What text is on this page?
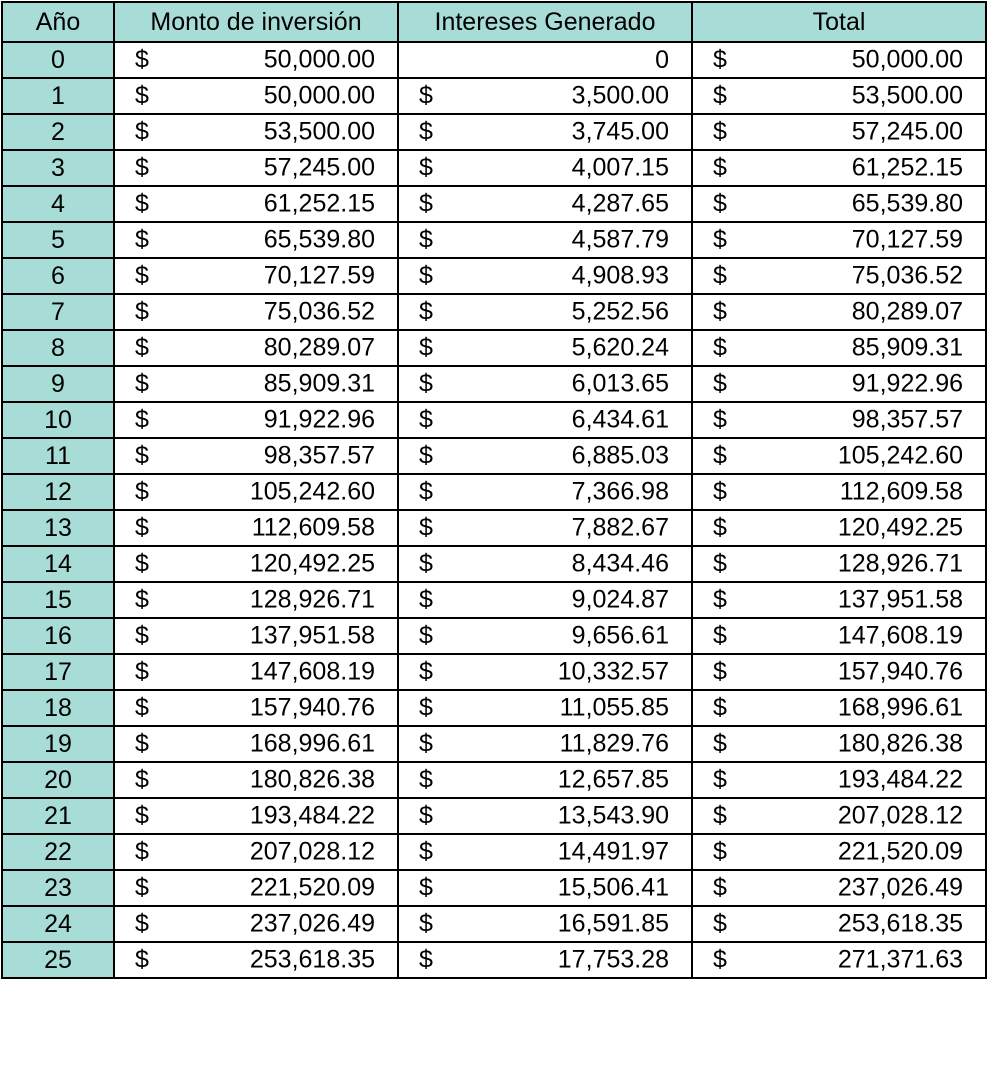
Año	Monto de inversión	Intereses Generado	Total
0	$ 50,000.00	0	$ 50,000.00

1	$ 50,000.00	$ 3,500.00	$ 53,500.00

2	$ 53,500.00	$ 3,745.00	$ 57,245.00

3	$ 57,245.00	$ 4,007.15	$ 61,252.15

4	$ 61,252.15	$ 4,287.65	$ 65,539.80

5	$ 65,539.80	$ 4,587.79	$ 70,127.59

6	$ 70,127.59	$ 4,908.93	$ 75,036.52

7	$ 75,036.52	$ 5,252.56	$ 80,289.07

8	$ 80,289.07	$ 5,620.24	$ 85,909.31

9	$ 85,909.31	$ 6,013.65	$ 91,922.96

10	$ 91,922.96	$ 6,434.61	$ 98,357.57

11	$ 98,357.57	$ 6,885.03	$ 105,242.60

12	$ 105,242.60	$ 7,366.98	$ 112,609.58

13	$ 112,609.58	$ 7,882.67	$ 120,492.25

14	$ 120,492.25	$ 8,434.46	$ 128,926.71

15	$ 128,926.71	$ 9,024.87	$ 137,951.58

16	$ 137,951.58	$ 9,656.61	$ 147,608.19

17	$ 147,608.19	$ 10,332.57	$ 157,940.76

18	$ 157,940.76	$ 11,055.85	$ 168,996.61

19	$ 168,996.61	$ 11,829.76	$ 180,826.38

20	$ 180,826.38	$ 12,657.85	$ 193,484.22

21	$ 193,484.22	$ 13,543.90	$ 207,028.12

22	$ 207,028.12	$ 14,491.97	$ 221,520.09

23	$ 221,520.09	$ 15,506.41	$ 237,026.49

24	$ 237,026.49	$ 16,591.85	$ 253,618.35

25	$ 253,618.35	$ 17,753.28	$ 271,371.63
